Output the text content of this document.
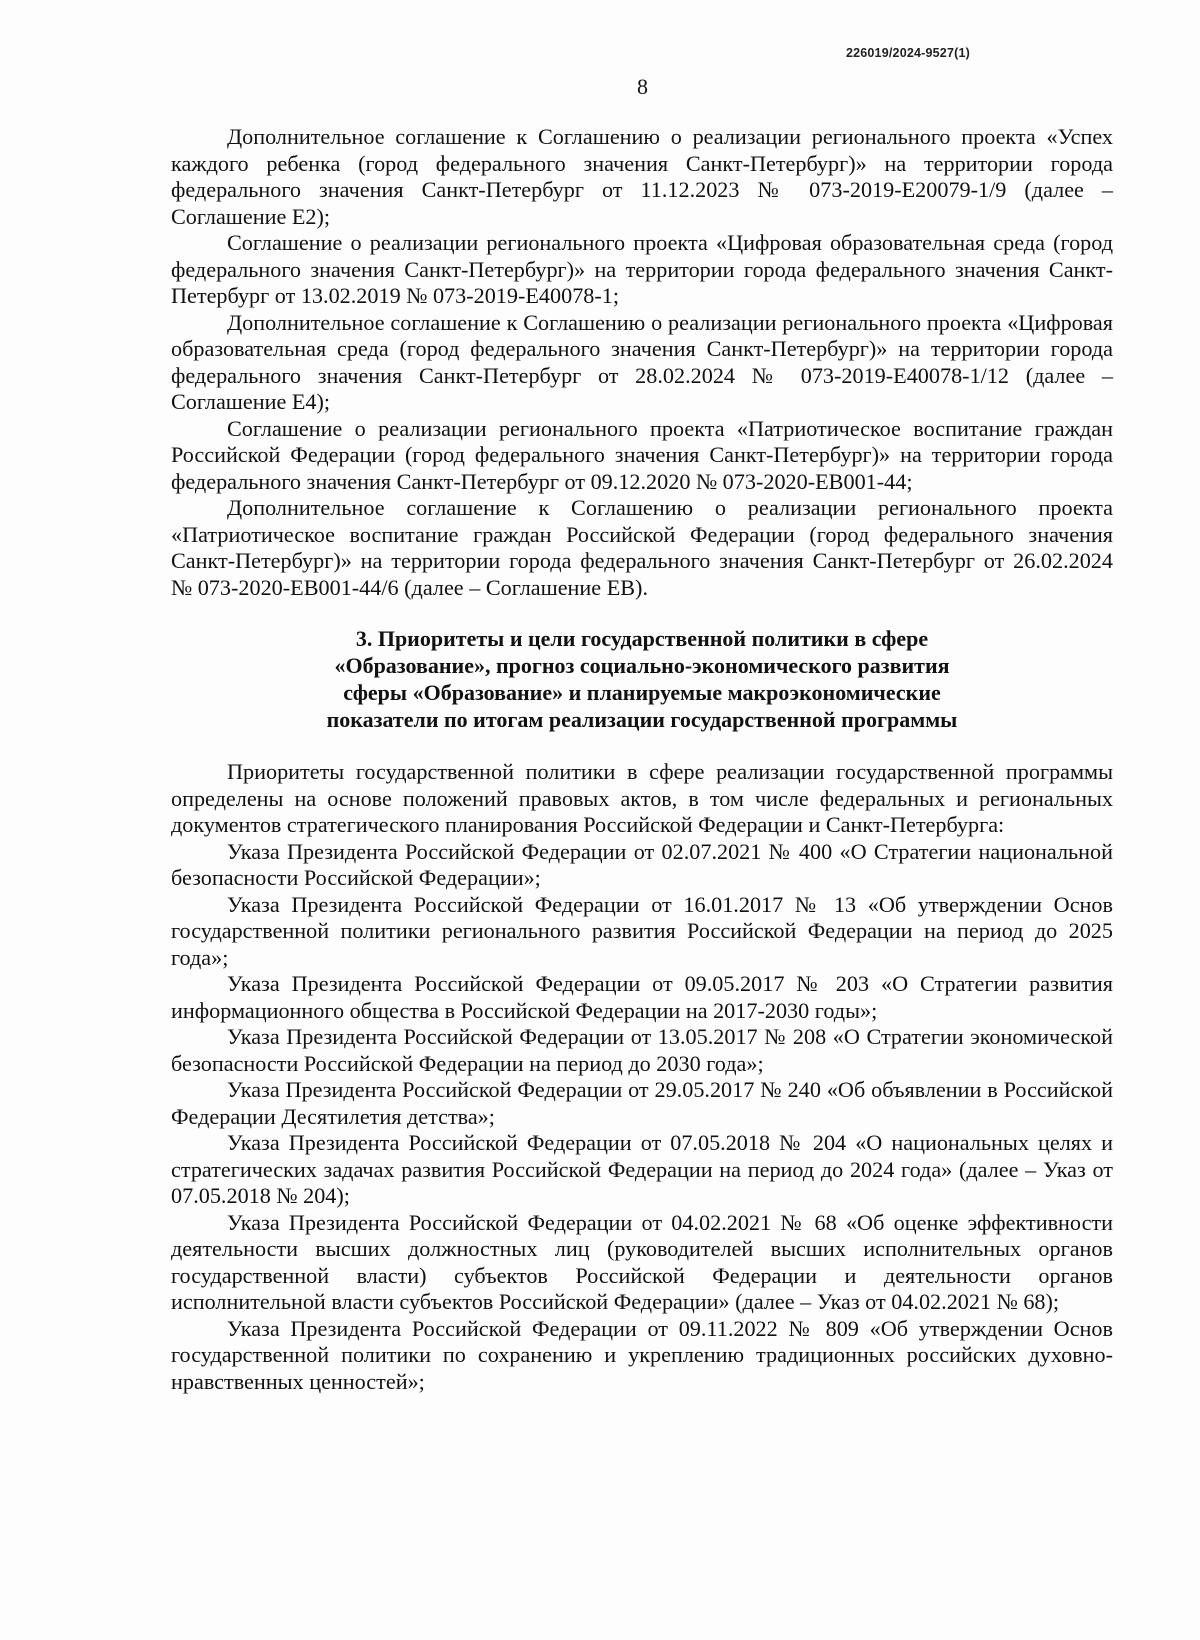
226019/2024-9527(1)
8

Дополнительное соглашение к Соглашению о реализации регионального проекта «Успех каждого ребенка (город федерального значения Санкт-Петербург)» на территории города федерального значения Санкт-Петербург от 11.12.2023 № 073-2019-Е20079-1/9 (далее – Соглашение Е2);

Соглашение о реализации регионального проекта «Цифровая образовательная среда (город федерального значения Санкт-Петербург)» на территории города федерального значения Санкт-Петербург от 13.02.2019 № 073-2019-Е40078-1;

Дополнительное соглашение к Соглашению о реализации регионального проекта «Цифровая образовательная среда (город федерального значения Санкт-Петербург)» на территории города федерального значения Санкт-Петербург от 28.02.2024 № 073-2019-Е40078-1/12 (далее – Соглашение Е4);

Соглашение о реализации регионального проекта «Патриотическое воспитание граждан Российской Федерации (город федерального значения Санкт-Петербург)» на территории города федерального значения Санкт-Петербург от 09.12.2020 № 073-2020-ЕВ001-44;

Дополнительное соглашение к Соглашению о реализации регионального проекта «Патриотическое воспитание граждан Российской Федерации (город федерального значения Санкт-Петербург)» на территории города федерального значения Санкт-Петербург от 26.02.2024 № 073-2020-ЕВ001-44/6 (далее – Соглашение ЕВ).

3. Приоритеты и цели государственной политики в сфере
«Образование», прогноз социально-экономического развития
сферы «Образование» и планируемые макроэкономические
показатели по итогам реализации государственной программы

Приоритеты государственной политики в сфере реализации государственной программы определены на основе положений правовых актов, в том числе федеральных и региональных документов стратегического планирования Российской Федерации и Санкт-Петербурга:

Указа Президента Российской Федерации от 02.07.2021 № 400 «О Стратегии национальной безопасности Российской Федерации»;

Указа Президента Российской Федерации от 16.01.2017 № 13 «Об утверждении Основ государственной политики регионального развития Российской Федерации на период до 2025 года»;

Указа Президента Российской Федерации от 09.05.2017 № 203 «О Стратегии развития информационного общества в Российской Федерации на 2017-2030 годы»;

Указа Президента Российской Федерации от 13.05.2017 № 208 «О Стратегии экономической безопасности Российской Федерации на период до 2030 года»;

Указа Президента Российской Федерации от 29.05.2017 № 240 «Об объявлении в Российской Федерации Десятилетия детства»;

Указа Президента Российской Федерации от 07.05.2018 № 204 «О национальных целях и стратегических задачах развития Российской Федерации на период до 2024 года» (далее – Указ от 07.05.2018 № 204);

Указа Президента Российской Федерации от 04.02.2021 № 68 «Об оценке эффективности деятельности высших должностных лиц (руководителей высших исполнительных органов государственной власти) субъектов Российской Федерации и деятельности органов исполнительной власти субъектов Российской Федерации» (далее – Указ от 04.02.2021 № 68);

Указа Президента Российской Федерации от 09.11.2022 № 809 «Об утверждении Основ государственной политики по сохранению и укреплению традиционных российских духовно-нравственных ценностей»;
